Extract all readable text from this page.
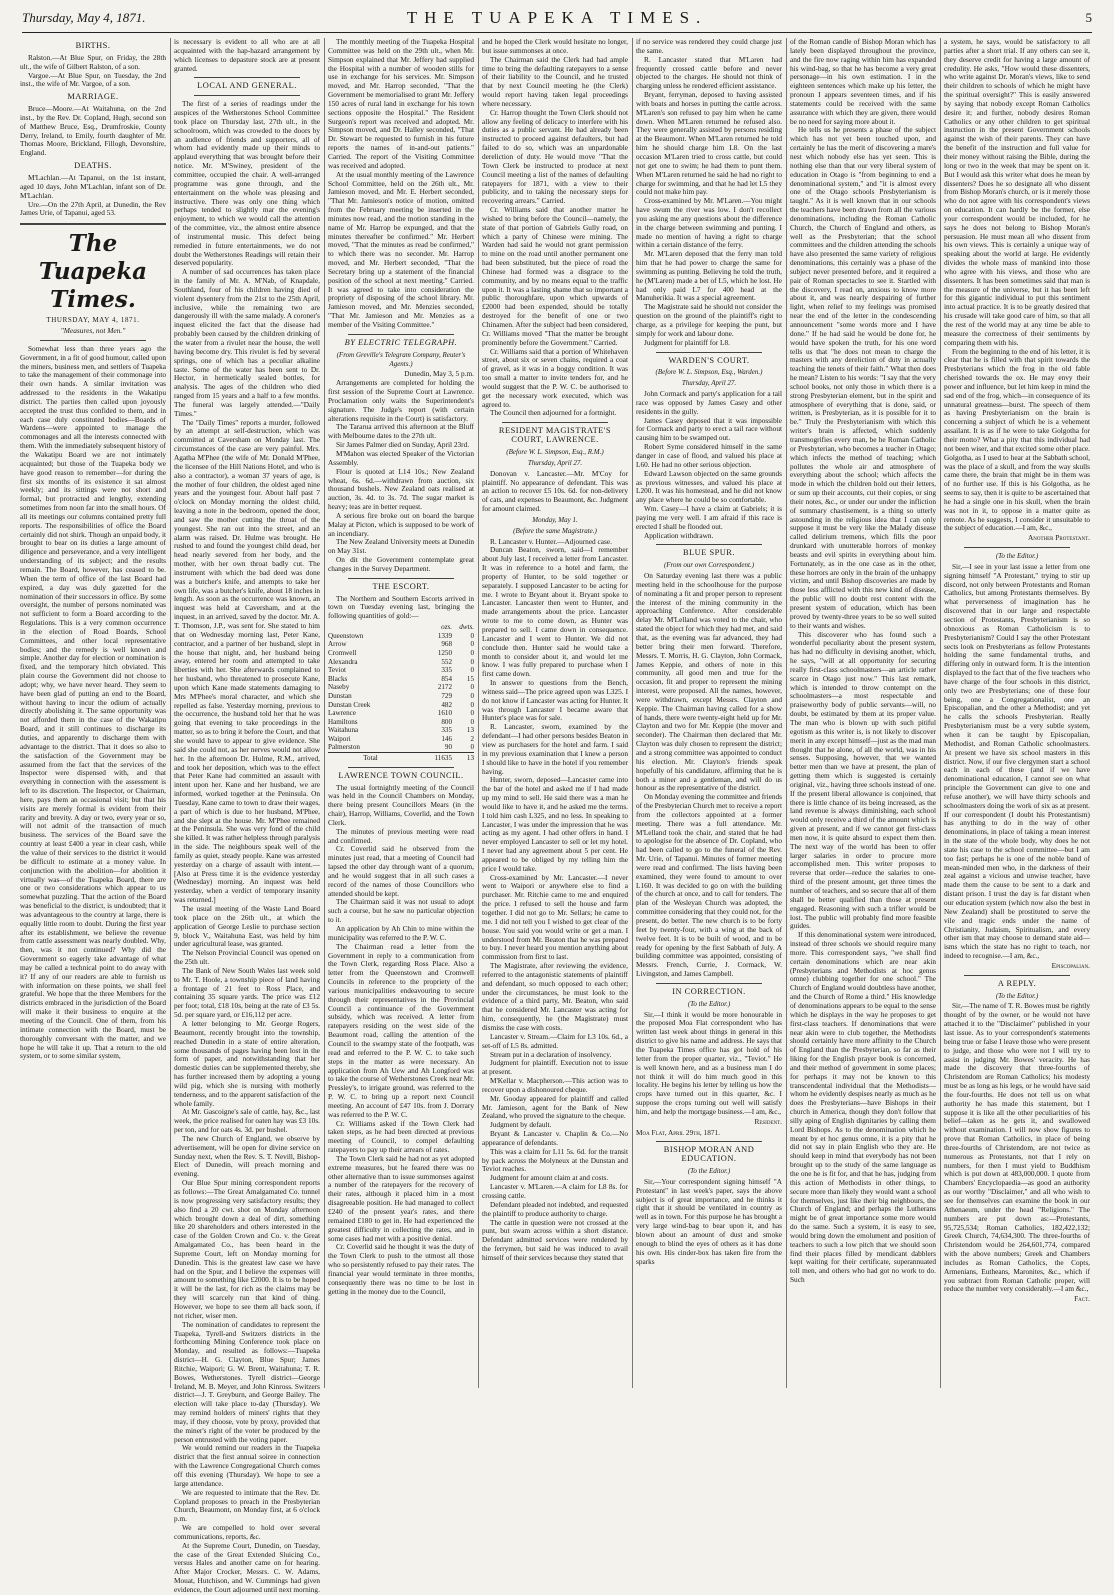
Thursday, May 4, 1871.	THE TUAPEKA TIMES.	5
BIRTHS.

Ralston.—At Blue Spur, on Friday, the 28th ult., the wife of Gilbert Ralston, of a son.

Vargoe.—At Blue Spur, on Tuesday, the 2nd inst., the wife of Mr. Vargoe, of a son.

MARRIAGE.

Bruce—Moore.—At Waitahuna, on the 2nd inst., by the Rev. Dr. Copland, Hugh, second son of Matthew Bruce, Esq., Drumfroskie, County Derry, Ireland, to Emily, fourth daughter of Mr. Thomas Moore, Brickland, Fillogh, Devonshire, England.

DEATHS.

M'Lachlan.—At Tapanui, on the 1st instant, aged 10 days, John M'Lachlan, infant son of Dr. M'Lachlan.

Ure.—On the 27th April, at Dunedin, the Rev James Urie, of Tapanui, aged 53.

The Tuapeka Times.
THURSDAY, MAY 4, 1871.
"Measures, not Men."

Somewhat less than three years ago the Government, in a fit of good humour, called upon the miners, business men, and settlers of Tuapeka to take the management of their commonage into their own hands. A similar invitation was addressed to the residents in the Wakatipu district. The parties then called upon joyously accepted the trust thus confided to them, and in each case duly constituted bodies—Boards of Wardens—were appointed to manage the commonages and all the interests connected with them. With the immediately subsequent history of the Wakatipu Board we are not intimately acquainted; but those of the Tuapeka body we have good reason to remember—for during the first six months of its existence it sat almost weekly; and its sittings were not short and formal, but protracted and lengthy, extending sometimes from noon far into the small hours. Of all its meetings our columns contained pretty full reports. The responsibilities of office the Board certainly did not shirk. Though an unpaid body, it brought to bear on its duties a large amount of diligence and perseverance, and a very intelligent understanding of its subject; and the results remain. The Board, however, has ceased to be. When the term of office of the last Board had expired, a day was duly gazetted for the nomination of their successors in office. By some oversight, the number of persons nominated was not sufficient to form a Board according to the Regulations. This is a very common occurrence in the election of Road Boards, School Committees, and other local representative bodies; and the remedy is well known and simple. Another day for election or nomination is fixed, and the temporary hitch obviated. This plain course the Government did not choose to adopt; why, we have never heard. They seem to have been glad of putting an end to the Board, without having to incur the odium of actually directly abolishing it. The same opportunity was not afforded them in the case of the Wakatipu Board, and it still continues to discharge its duties, and apparently to discharge them with advantage to the district. That it does so also to the satisfaction of the Government may be assumed from the fact that the services of the Inspector were dispensed with, and that everything in connection with the assessment is left to its discretion. The Inspector, or Chairman, here, pays them an occasional visit; but that his visits are merely formal is evident from their rarity and brevity. A day or two, every year or so, will not admit of the transaction of much business. The services of the Board save the country at least £400 a year in clear cash, while the value of their services to the district it would be difficult to estimate at a money value. In conjunction with the abolition—for abolition it virtually was—of the Tuapeka Board, there are one or two considerations which appear to us somewhat puzzling. That the action of the Board was beneficial to the district, is undoubted; that it was advantageous to the country at large, there is equally little room to doubt. During the first year after its establishment, we believe the revenue from cattle assessment was nearly doubled. Why, then, was it not continued? Why did the Government so eagerly take advantage of what may be called a technical point to do away with it? If any of our readers are able to furnish us with information on these points, we shall feel grateful. We hope that the three Members for the districts embraced in the jurisdiction of the Board will make it their business to enquire at the meeting of the Council. One of them, from his intimate connection with the Board, must be thoroughly conversant with the matter, and we hope he will take it up. That a return to the old system, or to some similar system,

is necessary is evident to all who are at all acquainted with the hap-hazard arrangement by which licenses to depasture stock are at present granted.

LOCAL AND GENERAL.

The first of a series of readings under the auspices of the Wetherstones School Committee took place on Thursday last, 27th ult., in the schoolroom, which was crowded to the doors by an audience of friends and supporters, all of whom had evidently made up their minds to applaud everything that was brought before their notice. Mr. M'Swiney, president of the committee, occupied the chair. A well-arranged programme was gone through, and the entertainment on the whole was pleasing and instructive. There was only one thing which perhaps tended to slightly mar the evening's enjoyment, to which we would call the attention of the committee, viz., the almost entire absence of instrumental music. This defect being remedied in future entertainments, we do not doubt the Wetherstones Readings will retain their deserved popularity.

A number of sad occurrences has taken place in the family of Mr. A. M'Nab, of Knapdale, Southland, four of his children having died of violent dysentery from the 21st to the 25th April, inclusive, while the remaining two are dangerously ill with the same malady. A coroner's inquest elicited the fact that the disease had probably been caused by the children drinking of the water from a rivulet near the house, the well having become dry. This rivulet is fed by several springs, one of which has a peculiar alkaline taste. Some of the water has been sent to Dr. Hector, in hermetically sealed bottles, for analysis. The ages of the children who died ranged from 15 years and a half to a few months. The funeral was largely attended.—"Daily Times."

The "Daily Times" reports a murder, followed by an attempt at self-destruction, which was committed at Caversham on Monday last. The circumstances of the case are very painful. Mrs. Agatha M'Phee (the wife of Mr. Donald M'Phee, the licensee of the Hill Nations Hotel, and who is also a contractor), a woman 37 years of age, is the mother of four children, the oldest aged nine years and the youngest four. About half past 7 o'clock on Monday morning the oldest child, leaving a note in the bedroom, opened the door, and saw the mother cutting the throat of the youngest. She ran out into the street, and an alarm was raised. Dr. Hulme was brought. He rushed to and found the youngest child dead, her head nearly severed from her body, and the mother, with her own throat badly cut. The instrument with which the bad deed was done was a butcher's knife, and attempts to take her own life, was a butcher's knife, about 18 inches in length. As soon as the occurrence was known, an inquest was held at Caversham, and at the inquest, in an arrived, saved by the doctor. Mr. A. T. Thomson, J.P., was sent for. She stated to him that on Wednesday morning last, Peter Kane, contractor, and a partner of her husband, slept in the house that night, and, her husband being away, entered her room and attempted to take liberties with her. She afterwards complained to her husband, who threatened to prosecute Kane, upon which Kane made statements damaging to Mrs M'Phee's moral character, and which she repelled as false. Yesterday morning, previous to the occurrence, the husband told her that he was going that evening to take proceedings in the matter, so as to bring it before the Court, and that she would have to appear to give evidence. She said she could not, as her nerves would not allow her. In the afternoon Dr. Hulme, R.M., arrived, and took her deposition, which was to the effect that Peter Kane had committed an assault with intent upon her. Kane and her husband, we are informed, worked together at the Peninsula. On Tuesday, Kane came to town to draw their wages, a part of which is due to her husband, M'Phee, and she slept at the house. Mr. M'Phee remained at the Peninsula. She was very fond of the child she killed. It was rather helpless through paralysis in the side. The neighbours speak well of the family as quiet, steady people. Kane was arrested yesterday on a charge of assault with intent.—[Also at Press time it is the evidence yesterday (Wednesday) morning. An inquest was held yesterday, when a verdict of temporary insanity was returned.]

The usual meeting of the Waste Land Board took place on the 26th ult., at which the application of George Leslie to purchase section 9, block V., Waitahuna East, was held by him under agricultural lease, was granted.

The Nelson Provincial Council was opened on the 25th ult.

The Bank of New South Wales last week sold to Mr. T. Hoole, a township piece of land having a frontage of 21 feet to Ross Place, and containing 35 square yards. The price was £12 per foot; total, £18 10s, being at the rate of £3 5s. 5d. per square yard, or £16,112 per acre.

A letter belonging to Mr. George Rogers, Beaumont, recently brought into the township, reached Dunedin in a state of entire alteration, some thousands of pages having been lost in the form of paper, and notwithstanding that her domestic duties can be supplemented thereby, she has further increased them by adopting a young wild pig, which she is nursing with motherly tenderness, and to the apparent satisfaction of the whole family.

At Mr. Gascoigne's sale of cattle, hay, &c., last week, the price realised for oaten hay was £3 10s. per ton, and for oats 4s. 3d. per bushel.

The new Church of England, we observe by advertisement, will be open for divine service on Sunday next, when the Rev. S. T. Nevill, Bishop-Elect of Dunedin, will preach morning and evening.

Our Blue Spur mining correspondent reports as follows:—The Great Amalgamated Co. tunnel is now progressing very satisfactory results; they also find a 20 cwt. shot on Monday afternoon which brought down a deal of dirt, something like 20 shareholders and others interested in the case of the Golden Crown and Co. v. the Great Amalgamated Co., has been heard in the Supreme Court, left on Monday morning for Dunedin. This is the greatest law case we have had on the Spur, and I believe the expenses will amount to something like £2000. It is to be hoped it will be the last, for rich as the claims may be they will scarcely run that kind of thing. However, we hope to see them all back soon, if not richer, wiser men.

The nomination of candidates to represent the Tuapeka, Tyrell-and Switzers districts in the forthcoming Mining Conference took place on Monday, and resulted as follows:—Tuapeka district—H. G. Clayton, Blue Spur; James Ritchie, Waipori; G. W. Brent, Waitahuna; T. R. Bowes, Wetherstones. Tyrell district—George Ireland, M. B. Meyer, and John Kinross. Switzers district—J. T. Greyburn, and George Bailey. The election will take place to-day (Thursday). We may remind holders of miners' rights that they may, if they choose, vote by proxy, provided that the miner's right of the voter be produced by the person entrusted with the voting paper.

We would remind our readers in the Tuapeka district that the first annual soiree in connection with the Lawrence Congregational Church comes off this evening (Thursday). We hope to see a large attendance.

We are requested to intimate that the Rev. Dr. Copland proposes to preach in the Presbyterian Church, Beaumont, on Monday first, at 6 o'clock p.m.

We are compelled to hold over several communications, reports, &c.

At the Supreme Court, Dunedin, on Tuesday, the case of the Great Extended Sluicing Co., versus Hales and another came on for hearing. After Major Crocker, Messrs. C. W. Adams, Mouat, Hutchison, and W. Cummings had given evidence, the Court adjourned until next morning.

The monthly meeting of the Tuapeka Hospital Committee was held on the 29th ult., when Mr. Simpson explained that Mr. Jeffery had supplied the Hospital with a number of wooden stills for use in exchange for his services. Mr. Simpson moved, and Mr. Harrop seconded, "That the Government be memorialised to grant Mr. Jeffery 150 acres of rural land in exchange for his town sections opposite the Hospital." The Resident Surgeon's report was received and adopted. Mr. Simpson moved, and Dr. Halley seconded, "That Dr. Stewart be requested to furnish in his future reports the names of in-and-out patients." Carried. The report of the Visiting Committee was received and adopted.

At the usual monthly meeting of the Lawrence School Committee, held on the 26th ult., Mr. Jamieson moved, and Mr. E. Herbert seconded, "That Mr. Jamieson's notice of motion, omitted from the February meeting be inserted in the minutes now read, and the motion standing in the name of Mr. Harrop be expunged, and that the minutes thereafter be confirmed." Mr. Herbert moved, "That the minutes as read be confirmed," to which there was no seconder. Mr. Harrop moved, and Mr. Herbert seconded, "That the Secretary bring up a statement of the financial position of the school at next meeting." Carried. It was agreed to take into consideration the propriety of disposing of the school library. Mr. Jamieson moved, and Mr. Menzies seconded, "That Mr. Jamieson and Mr. Menzies as a member of the Visiting Committee."

BY ELECTRIC TELEGRAPH.
(From Greville's Telegram Company, Reuter's Agents.)

Dunedin, May 3, 5 p.m.

Arrangements are completed for holding the first session of the Supreme Court at Lawrence. Proclamation only waits the Superintendent's signature. The Judge's report (with certain alterations requisite in the Court) is satisfactory.

The Tararua arrived this afternoon at the Bluff with Melbourne dates to the 27th ult.

Sir James Palmer died on Sunday, April 23rd.

M'Mahon was elected Speaker of the Victorian Assembly.

Flour is quoted at L14 10s.; New Zealand wheat, 6s. 6d.—withdrawn from auction, six thousand bushels. New Zealand oats realised at auction, 3s. 4d. to 3s. 7d. The sugar market is heavy; teas are in better request.

A serious fire broke out on board the barque Malay at Picton, which is supposed to be work of an incendiary.

The New Zealand University meets at Dunedin on May 31st.

On dit the Government contemplate great changes in the Survey Department.

THE ESCORT.

The Northern and Southern Escorts arrived in town on Tuesday evening last, bringing the following quantities of gold:—

	ozs.	dwts.
Queenstown	1339	0
Arrow	968	0
Cromwell	1250	0
Alexandra	552	0
Teviot	335	0
Blacks	854	15
Naseby	2172	0
Dunstan	729	0
Dunstan Creek	482	0
Lawrence	1610	0
Hamiltons	800	0
Waitahuna	335	13
Waipori	146	2
Palmerston	90	0
Total	11635	13
LAWRENCE TOWN COUNCIL.

The usual fortnightly meeting of the Council was held in the Council Chambers on Monday, there being present Councillors Mears (in the chair), Harrop, Williams, Coverlid, and the Town Clerk.

The minutes of previous meeting were read and confirmed.

Cr. Coverlid said he observed from the minutes just read, that a meeting of Council had lapsed the other day through want of a quorum, and he would suggest that in all such cases a record of the names of those Councillors who attended should be kept.

The Chairman said it was not usual to adopt such a course, but he saw no particular objection to it.

An application by Ah Chin to mine within the municipality was referred to the P. W. C.

The Chairman read a letter from the Government in reply to a communication from the Town Clerk, regarding Ross Place. Also a letter from the Queenstown and Cromwell Councils in reference to the propriety of the various municipalities endeavouring to secure through their representatives in the Provincial Council a continuance of the Government subsidy, which was received. A letter from ratepayers residing on the west side of the Beaumont road, calling the attention of the Council to the swampy state of the footpath, was read and referred to the P. W. C. to take such steps in the matter as were necessary. An application from Ah Uew and Ah Longford was to take the course of Wetherstones Creek near Mr. Pressley's, to irrigate ground, was referred to the P. W. C. to bring up a report next Council meeting. An account of £47 10s. from J. Dorrary was referred to the P. W. C.

Cr. Williams asked if the Town Clerk had taken steps, as he had been directed at previous meeting of Council, to compel defaulting ratepayers to pay up their arrears of rates.

The Town Clerk said he had not as yet adopted extreme measures, but he feared there was no other alternative than to issue summonses against a number of the ratepayers for the recovery of their rates, although it placed him in a most disagreeable position. He had managed to collect £240 of the present year's rates, and there remained £180 to get in. He had experienced the greatest difficulty in collecting the rates, and in some cases had met with a positive denial.

Cr. Coverlid said he thought it was the duty of the Town Clerk to push to the utmost all those who so persistently refused to pay their rates. The financial year would terminate in three months, consequently there was no time to be lost in getting in the money due to the Council,

and he hoped the Clerk would hesitate no longer, but issue summonses at once.

The Chairman said the Clerk had had ample time to bring the defaulting ratepayers to a sense of their liability to the Council, and he trusted that by next Council meeting he (the Clerk) would report having taken legal proceedings where necessary.

Cr. Harrop thought the Town Clerk should not allow any feeling of delicacy to interfere with his duties as a public servant. He had already been instructed to proceed against defaulters, but had failed to do so, which was an unpardonable dereliction of duty. He would move "That the Town Clerk be instructed to produce at next Council meeting a list of the names of defaulting ratepayers for 1871, with a view to their publicity, and to taking the necessary steps for recovering arrears." Carried.

Cr. Williams said that another matter he wished to bring before the Council—namely, the state of that portion of Gabriels Gully road, on which a party of Chinese were mining. The Warden had said he would not grant permission to mine on the road until another permanent one had been substituted, but the piece of road the Chinese had formed was a disgrace to the community, and by no means equal to the traffic upon it. It was a lasting shame that so important a public thoroughfare, upon which upwards of £2000 had been expended, should be totally destroyed for the benefit of one or two Chinamen. After the subject had been considered, Cr. Williams moved "That the matter be brought prominently before the Government." Carried.

Cr. Williams said that a portion of Whitehaven street, about six or seven chains, required a coat of gravel, as it was in a boggy condition. It was too small a matter to invite tenders for, and he would suggest that the P. W. C. be authorised to get the necessary work executed, which was agreed to.

The Council then adjourned for a fortnight.

RESIDENT MAGISTRATE'S COURT, LAWRENCE.
(Before W. L. Simpson, Esq., R.M.)
Thursday, April 27.

Donovan v. Lancaster.—Mr. M'Coy for plaintiff. No appearance of defendant. This was an action to recover £5 10s. 6d. for non-delivery of cats, and expenses to Beaumont, &c. Judgment for amount claimed.

Monday, May 1.
(Before the same Magistrate.)

R. Lancaster v. Hunter.—Adjourned case.

Duncan Beaton, sworn, said—I remember about July last, I received a letter from Lancaster. It was in reference to a hotel and farm, the property of Hunter, to be sold together or separately. I supposed Lancaster to be acting for me. I wrote to Bryant about it. Bryant spoke to Lancaster. Lancaster then went to Hunter, and made arrangements about the price. Lancaster wrote to me to come down, as Hunter was prepared to sell. I came down in consequence. Lancaster and I went to Hunter. We did not conclude then. Hunter said he would take a month to consider about it, and would let me know. I was fully prepared to purchase when I first came down.

In answer to questions from the Bench, witness said—The price agreed upon was L325. I do not know if Lancaster was acting for Hunter. It was through Lancaster I became aware that Hunter's place was for sale.

R. Lancaster, sworn, examined by the defendant—I had other persons besides Beaton in view as purchasers for the hotel and farm. I said in my previous examination that I knew a person I should like to have in the hotel if you remember having.

Hunter, sworn, deposed—Lancaster came into the bar of the hotel and asked me if I had made up my mind to sell. He said there was a man he would like to have it, and he asked me the terms. I told him cash L325, and no less. In speaking to Lancaster, I was under the impression that he was acting as my agent. I had other offers in hand. I never employed Lancaster to sell or let my hotel. I never had any agreement about 5 per cent. He appeared to be obliged by my telling him the price I would take.

Cross-examined by Mr. Lancaster.—I never went to Waipori or anywhere else to find a purchaser. Mr. Ritchie came to me and enquired the price. I refused to sell the house and farm together. I did not go to Mr. Sellars; he came to me. I did not tell you I wished to get clear of the house. You said you would write or get a man. I understood from Mr. Beaton that he was prepared to buy. I never heard you mention anything about commission from first to last.

The Magistrate, after reviewing the evidence, referred to the antagonistic statements of plaintiff and defendant, so much opposed to each other; under the circumstances, he must look to the evidence of a third party, Mr. Beaton, who said that he considered Mr. Lancaster was acting for him, consequently, he (the Magistrate) must dismiss the case with costs.

Lancaster v. Stream.—Claim for L3 10s. 6d., a set-off of L5 8s. admitted.

Stream put in a declaration of insolvency.

Judgment for plaintiff. Execution not to issue at present.

M'Kellar v. Macpherson.—This action was to recover upon a dishonoured cheque.

Mr. Gooday appeared for plaintiff and called Mr. Jamieson, agent for the Bank of New Zealand, who proved the signature to the cheque.

Judgment by default.

Bryant & Lancaster v. Chaplin & Co.—No appearance of defendants.

This was a claim for L11 5s. 6d. for the transit by pack across the Molyneux at the Dunstan and Teviot reaches.

Judgment for amount claim at and costs.

Lancaster v. M'Laren.—A claim for L8 8s. for crossing cattle.

Defendant pleaded not indebted, and requested the plaintiff to produce authority to charge.

The cattle in question were not crossed at the punt, but swam across within a short distance. Defendant admitted services were rendered by the ferrymen, but said he was induced to avail himself of their services because they stated that

if no service was rendered they could charge just the same.

R. Lancaster stated that M'Laren had frequently crossed cattle before and never objected to the charges. He should not think of charging unless he rendered efficient assistance.

Bryant, ferryman, deposed to having assisted with boats and horses in putting the cattle across. M'Laren's son refused to pay him when he came down. When M'Laren returned he refused also. They were generally assisted by persons residing at the Beaumont. When M'Laren returned he told him he should charge him L8. On the last occasion M'Laren tried to cross cattle, but could not get one to swim; he had them to punt them. When M'Laren returned he said he had no right to charge for swimming, and that he had let L5 they could not make him pay.

Cross-examined by Mr. M'Laren.—You might have swum the river was low. I don't recollect you asking me any questions about the difference in the charge between swimming and punting. I made no mention of having a right to charge within a certain distance of the ferry.

Mr. M'Laren deposed that the ferry man told him that he had power to charge the same for swimming as punting. Believing he told the truth, he (M'Laren) made a bet of L5, which he lost. He had only paid L7 for 400 head at the Manuherikia. It was a special agreement.

The Magistrate said he should not consider the question on the ground of the plaintiff's right to charge, as a privilege for keeping the punt, but simply for work and labour done.

Judgment for plaintiff for L8.

WARDEN'S COURT.
(Before W. L. Simpson, Esq., Warden.)
Thursday, April 27.

John Cormack and party's application for a tail race was opposed by James Casey and other residents in the gully.

James Casey deposed that it was impossible for Cormack and party to erect a tail race without causing him to be swamped out.

Robert Syme considered himself in the same danger in case of flood, and valued his place at L60. He had no other serious objection.

Edward Lawson objected on the same grounds as previous witnesses, and valued his place at L200. It was his homestead, and he did not know any place where he could be so comfortable.

Wm. Casey—I have a claim at Gabriels; it is paying me very well. I am afraid if this race is erected I shall be flooded out.

Application withdrawn.

BLUE SPUR.
(From our own Correspondent.)

On Saturday evening last there was a public meeting held in the schoolhouse for the purpose of nominating a fit and proper person to represent the interest of the mining community in the approaching Conference. After considerable delay Mr. M'Lelland was voted to the chair, who stated the object for which they had met, and said that, as the evening was far advanced, they had better bring their men forward. Therefore, Messrs. T. Morris, H. G. Clayton, John Cormack, James Keppie, and others of note in this community, all good men and true for the occasion, fit and proper to represent the mining interest, were proposed. All the names, however, were withdrawn, except Messrs. Clayton and Keppie. The Chairman having called for a show of hands, there were twenty-eight held up for Mr. Clayton and two for Mr. Keppie (the mover and seconder). The Chairman then declared that Mr. Clayton was duly chosen to represent the district; and a strong committee was appointed to conduct his election. Mr. Clayton's friends speak hopefully of his candidature, affirming that he is both a miner and a gentleman, and will do us honour as the representative of the district.

On Monday evening the committee and friends of the Presbyterian Church met to receive a report from the collectors appointed at a former meeting. There was a full attendance. Mr. M'Lelland took the chair, and stated that he had to apologise for the absence of Dr. Copland, who had been called to go to the funeral of the Rev. Mr. Urie, of Tapanui. Minutes of former meeting were read and confirmed. The lists having been examined, they were found to amount to over L160. It was decided to go on with the building of the church at once, and to call for tenders. The plan of the Wesleyan Church was adopted, the committee considering that they could not, for the present, do better. The new church is to be forty feet by twenty-four, with a wing at the back of twelve feet. It is to be built of wood, and to be ready for opening by the first Sabbath of July. A building committee was appointed, consisting of Messrs. French, Currie, J. Cormack, W. Livingston, and James Campbell.

IN CORRECTION.
(To the Editor.)

Sir,—I think it would be more honourable in the proposed Moa Flat correspondent who has written last week about things in general in this district to give his name and address. He says that the Tuapeka Times office has got hold of his letter from the proper quarter, viz., "Teviot." He is well known here, and as a business man I do not think it will do him much good in this locality. He begins his letter by telling us how the crops have turned out in this quarter, &c. I suppose the crops turning out well will satisfy him, and help the mortgage business.—I am, &c.,

Resident.
Moa Flat, April 29th, 1871.
BISHOP MORAN AND EDUCATION.
(To the Editor.)

Sir,—Your correspondent signing himself "A Protestant" in last week's paper, says the above subject is of great importance, and he thinks it right that it should be ventilated in country as well as in town. For this purpose he has brought a very large wind-bag to bear upon it, and has blown about an amount of dust and smoke enough to blind the eyes of others as it has done his own. His cinder-box has taken fire from the sparks

of the Roman candle of Bishop Moran which has lately been displayed throughout the province, and the fire now raging within him has expanded his wind-bag, so that he has become a very great personage—in his own estimation. I in the eighteen sentences which make up his letter, the pronoun I appears seventeen times, and if his statements could be received with the same assurance with which they are given, there would be no need for saying more about it.

He tells us he presents a phase of the subject which has not yet been touched upon, and certainly he has the merit of discovering a mare's nest which nobody else has yet seen. This is nothing else than that our very liberal system of education in Otago is "from beginning to end a denominational system," and "it is almost every one of the Otago schools Presbyterianism is taught." As it is well known that in our schools the teachers have been drawn from all the various denominations, including the Roman Catholic Church, the Church of England and others, as well as the Presbyterian; that the school committees and the children attending the schools have also presented the same variety of religious denominations, this certainly was a phase of the subject never presented before, and it required a pair of Roman spectacles to see it. Startled with the discovery, I read on, anxious to know more about it, and was nearly despairing of further light, when relief to my feelings was promised near the end of the letter in the condescending announcement "some words more and I have done." If he had said he would be done for, he would have spoken the truth, for his one word tells us that "he does not mean to charge the masters with any dereliction of duty in actually teaching the tenets of their faith." What then does he mean? Listen to his words: "I say that the very school books, not only those in which there is a strong Presbyterian element, but in the spirit and atmosphere of everything that is done, said, or written, is Presbyterian, as it is possible for it to be." Truly the Presbyterianism with which this writer's brain is affected, which suddenly transmogrifies every man, be he Roman Catholic or Presbyterian, who becomes a teacher in Otago; which infects the method of teaching; which pollutes the whole air and atmosphere of everything about the school; which affects the mode in which the children hold out their letters, or sum up their accounts, cut their copies, or sing their notes, &c., or under our under the infliction of summary chastisement, is a thing so utterly astounding in the religious idea that I can only suppose it must be very like the Malady disease called delirium tremens, which fills the poor drunkard with unutterable horrors of monkey beasts and evil spirits in everything about him. Fortunately, as in the one case as in the other, these horrors are only in the brain of the unhappy victim, and until Bishop discoveries are made by those less afflicted with this new kind of disease, the public will no doubt rest content with the present system of education, which has been proved by twenty-three years to be so well suited to their wants and wishes.

This discoverer who has found such a wonderful peculiarity about the present system, has had no difficulty in devising another, which, he says, "will at all opportunity for securing really first-class schoolmasters—an article rather scarce in Otago just now." This last remark, which is intended to throw contempt on the schoolmasters—a most respectable and praiseworthy body of public servants—will, no doubt, be estimated by them at its proper value. The man who is blown up with such pitiful egotism as this writer is, is not likely to discover merit in any except himself—just as the mad man thought that he alone, of all the world, was in his senses. Supposing, however, that we wanted better men than we have at present, the plan of getting them which is suggested is certainly original, viz., having three schools instead of one. If the present liberal allowance is conjoined, that there is little chance of its being increased, as the land revenue is always diminishing, each school would only receive a third of the amount which is given at present, and if we cannot get first-class men now, it is quite absurd to expect them then. The next way of the world has been to offer larger salaries in order to procure more accomplished men. This writer proposes to reverse that order—reduce the salaries to one-third of the present amount, get three times the number of teachers, and so secure that all of them shall be better qualified than those at present engaged. Reasoning with such a trifler would be lost. The public will probably find more feasible guides.

If this denominational system were introduced, instead of three schools we should require many more. This correspondent says, "we shall find certain denominations which are near akin (Presbyterians and Methodists at hoc genus omne) clubbing together for one school." The Church of England would doubtless have another, and the Church of Rome a third." His knowledge of denominations appears to be equal to the sense which he displays in the way he proposes to get first-class teachers. If denominations that were near akin were to club together, the Methodists should certainly have more affinity to the Church of England than the Presbyterian, so far as their liking for the English prayer book is concerned, and their method of government in some places; for perhaps it may not be known to this transcendental individual that the Methodists—whom he evidently despises nearly as much as he does the Presbyterians—have Bishops in their church in America, though they don't follow that silly aping of English dignitaries by calling them Lord Bishops. As to the denomination which he meant by et hoc genus omne, it is a pity that he did not say in plain English who they are. He should keep in mind that everybody has not been brought up to the study of the same language as the one he is fit for, and that he has, judging from this action of Methodists in other things, to secure more than likely they would want a school for themselves, just like their big neighbours, the Church of England; and perhaps the Lutherans might be of great importance some more would do the same. Such a system, it is easy to see, would bring down the emolument and position of teachers to such a low pitch that we should soon find their places filled by mendicant dabblers kept waiting for their certificate, superannuated toll men, and others who had got no work to do. Such

a system, he says, would be satisfactory to all parties after a short trial. If any others can see it, they deserve credit for having a large amount of credulity. He asks, "How would these dissenters, who write against Dr. Moran's views, like to send their children to schools of which he might have the spiritual oversight?" This is easily answered by saying that nobody except Roman Catholics desire it; and further, nobody desires Roman Catholics or any other children to get spiritual instruction in the present Government schools against the wish of their parents. They can have the benefit of the instruction and full value for their money without raising the Bible, during the long or two in the week that may be spent on it. But I would ask this writer what does he mean by dissenters? Does he so designate all who dissent from Bishop Moran's church, or is it merely those who do not agree with his correspondent's views on education. It can hardly be the former, else your correspondent would be included, for he says he does not belong to Bishop Moran's persuasion. He must mean all who dissent from his own views. This is certainly a unique way of speaking about the world at large. He evidently divides the whole mass of mankind into those who agree with his views, and those who are dissenters. It has been sometimes said that man is the measure of the universe, but it has been left for this gigantic individual to put this sentiment into actual practice. It is to be greatly desired that his crusade will take good care of him, so that all the rest of the world may at any time be able to measure the correctness of their sentiments by comparing them with his.

From the beginning to the end of his letter, it is clear that he is filled with that spirit towards the Presbyterians which the frog in the old fable cherished towards the ox. He may envy their power and influence, but let him keep in mind the sad end of the frog, which—in consequence of its unnatural greatness—burst. The speech of them as having Presbyterianism on the brain is concerning a subject of which he is a vehement assailant. It is as if he were to take Golgotha for their motto? What a pity that this individual had not been wiser, and that excited some other place. Golgotha, as I used to hear at the Sabbath school, was the place of a skull, and from the way skulls came there, the brain that might be in them was of no further use. If this is his Golgotha, as he seems to say, then it is quite to be ascertained that he had a single one in his skull, when the brain was not in it, to oppose in a matter quite as remote. As he suggests, I consider it unsuitable to the subject of education.—I am, &c.,

Another Protestant.
(To the Editor.)

Sir,—I see in your last issue a letter from one signing himself "A Protestant," trying to stir up discord, not only between Protestants and Roman Catholics, but among Protestants themselves. By what perverseness of imagination has he discovered that in our large and respectable section of Protestants, Presbyterianism is so obnoxious as Roman Catholicism is to Presbyterianism? Could I say the other Protestant sects look on Presbyterians as fellow Protestants holding the same fundamental truths, and differing only in outward form. It is the intention displayed to the fact that of the five teachers who have charge of the four schools in this district, only two are Presbyterians; one of these four being, one a Congregationalist, one an Episcopalian, and the other a Methodist; and yet he calls the schools Presbyterian. Really Presbyterianism must be a very subtle system, when it can be taught by Episcopalian, Methodist, and Roman Catholic schoolmasters. At present we have six school masters in this district. Now, if our five clergymen start a school each in each of these (and if we have denominational education, I cannot see on what principle the Government can give to one and refuse another), we will have thirty schools and schoolmasters doing the work of six as at present. If our correspondent (I doubt his Protestantism) has anything to do in the way of other denominations, in place of taking a mean interest in the state of the whole body, why does he not state his case to the school committee—but I am too fast; perhaps he is one of the noble band of mean-minded men who, in the darkness of their zeal against a vicious and unwise teacher, have made them the cause to be sent to a dark and distant prison. I trust the day is far distant when our education system (which now also the best in New Zealand) shall be prostituted to serve the vile and tragic ends under the name of Christianity, Judaism, Spiritualism, and every other ism that may choose to demand state aid—isms which the state has no right to teach, nor indeed to recognise.—I am, &c.,

Episcopalian.
A REPLY.
(To the Editor.)

Sir,—The name of T. R. Bowes must be rightly thought of by the owner, or he would not have attached it to the "Disclaimer" published in your last issue. As to your correspondent's statements being true or false I leave those who were present to judge, and those who were not I will try to assist in judging Mr. Bowes' veracity. He has made the discovery that three-fourths of Christendom are Roman Catholics; his modesty must be as long as his legs, or he would have said the four-fourths. He does not tell us on what authority he has made this statement, but I suppose it is like all the other peculiarities of his belief—taken as he gets it, and swallowed without examination. I will now show figures to prove that Roman Catholics, in place of being three-fourths of Christendom, are not twice as numerous as Protestants, not that I rely on numbers, for then I must yield to Buddhism which is put down at 483,000,000. I quote from Chambers' Encyclopaedia—as good an authority as our worthy "Disclaimer," and all who wish to see for themselves can examine the book in our Athenaeum, under the head "Religions." The numbers are put down as:—Protestants, 95,725,534; Roman Catholics, 182,422,132; Greek Church, 74,634,300. The three-fourths of Christendom would be 264,601,774, compared with the above numbers; Greek and Chambers includes as Roman Catholics, the Copts, Armenians, Eutheans, Maronites, &c., which if you subtract from Roman Catholic proper, will reduce the number very considerably.—I am &c.,

Fact.
